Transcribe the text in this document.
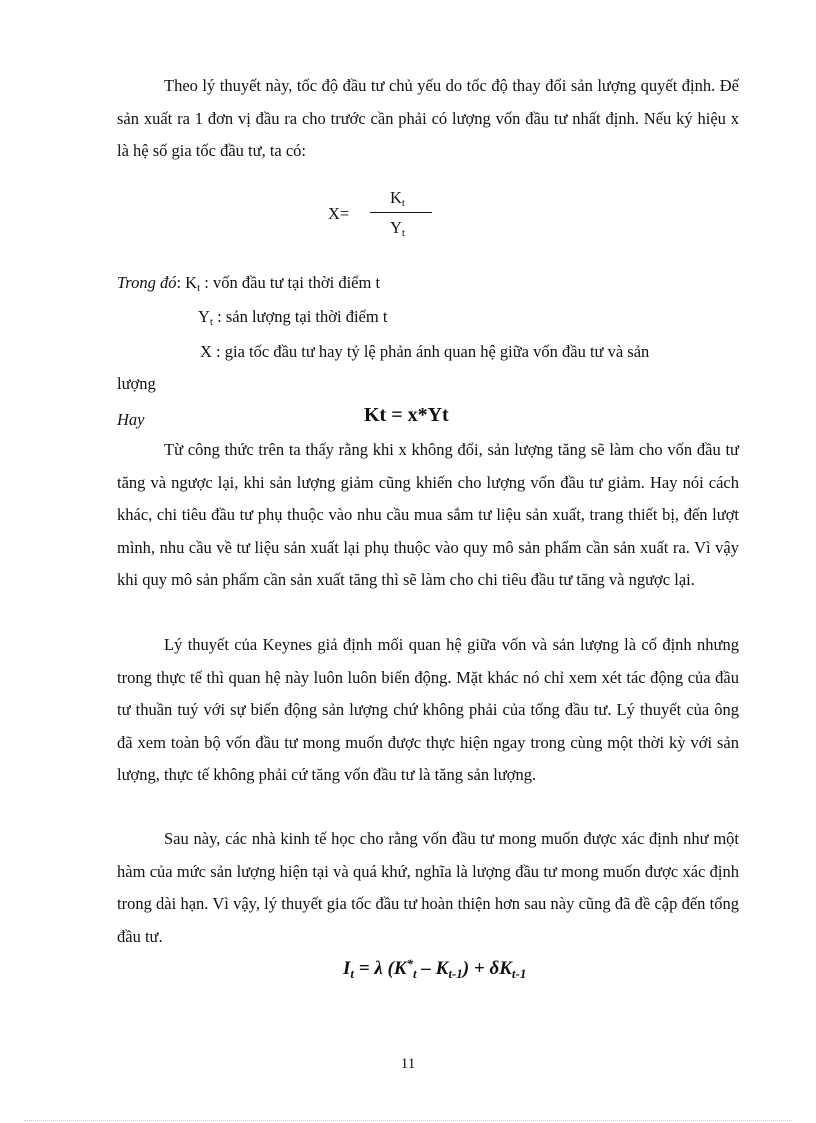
Theo lý thuyết này, tốc độ đầu tư chủ yếu do tốc độ thay đổi sản lượng quyết định. Để sản xuất ra 1 đơn vị đầu ra cho trước cần phải có lượng vốn đầu tư nhất định. Nếu ký hiệu x là hệ số gia tốc đầu tư, ta có:

X=
$K_t$
$Y_t$
Trong đó: $K_t$ : vốn đầu tư tại thời điểm t
$Y_t$ : sản lượng tại thời điểm t
X : gia tốc đầu tư hay tỷ lệ phản ánh quan hệ giữa vốn đầu tư và sản
lượng
Hay	Kt = x*Yt

Từ công thức trên ta thấy rằng khi x không đổi, sản lượng tăng sẽ làm cho vốn đầu tư tăng và ngược lại, khi sản lượng giảm cũng khiến cho lượng vốn đầu tư giảm. Hay nói cách khác, chi tiêu đầu tư phụ thuộc vào nhu cầu mua sắm tư liệu sản xuất, trang thiết bị, đến lượt mình, nhu cầu về tư liệu sản xuất lại phụ thuộc vào quy mô sản phẩm cần sản xuất ra. Vì vậy khi quy mô sản phẩm cần sản xuất tăng thì sẽ làm cho chi tiêu đầu tư tăng và ngược lại.

Lý thuyết của Keynes giả định mối quan hệ giữa vốn và sản lượng là cố định nhưng trong thực tế thì quan hệ này luôn luôn biến động. Mặt khác nó chỉ xem xét tác động của đầu tư thuần tuý với sự biến động sản lượng chứ không phải của tổng đầu tư. Lý thuyết của ông đã xem toàn bộ vốn đầu tư mong muốn được thực hiện ngay trong cùng một thời kỳ với sản lượng, thực tế không phải cứ tăng vốn đầu tư là tăng sản lượng.

Sau này, các nhà kinh tế học cho rằng vốn đầu tư mong muốn được xác định như một hàm của mức sản lượng hiện tại và quá khứ, nghĩa là lượng đầu tư mong muốn được xác định trong dài hạn. Vì vậy, lý thuyết gia tốc đầu tư hoàn thiện hơn sau này cũng đã đề cập đến tổng đầu tư.

$I_t = \lambda$ $(K^*_t - K_{t-1}) + \delta K_{t-1}$
11
